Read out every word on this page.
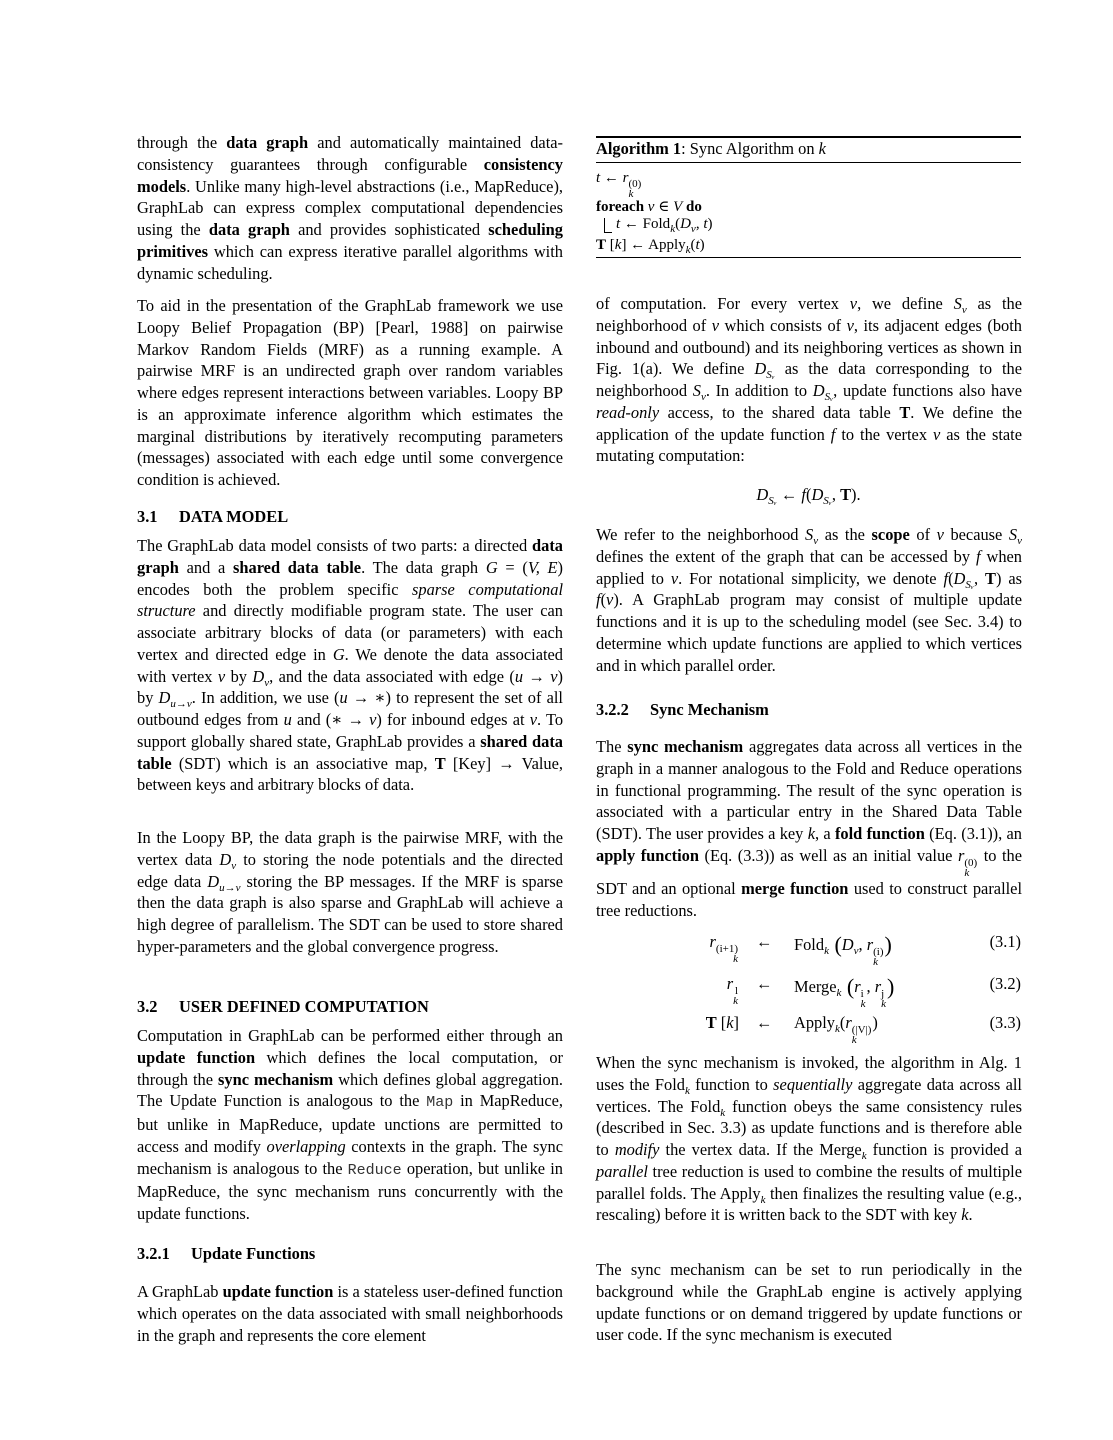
through the data graph and automatically maintained data-consistency guarantees through configurable consistency models. Unlike many high-level abstractions (i.e., MapReduce), GraphLab can express complex computational dependencies using the data graph and provides sophisticated scheduling primitives which can express iterative parallel algorithms with dynamic scheduling.

To aid in the presentation of the GraphLab framework we use Loopy Belief Propagation (BP) [Pearl, 1988] on pairwise Markov Random Fields (MRF) as a running example. A pairwise MRF is an undirected graph over random variables where edges represent interactions between variables. Loopy BP is an approximate inference algorithm which estimates the marginal distributions by iteratively recomputing parameters (messages) associated with each edge until some convergence condition is achieved.

3.1 DATA MODEL

The GraphLab data model consists of two parts: a directed data graph and a shared data table. The data graph G = (V, E) encodes both the problem specific sparse computational structure and directly modifiable program state. The user can associate arbitrary blocks of data (or parameters) with each vertex and directed edge in G. We denote the data associated with vertex v by $D_v$, and the data associated with edge (u → v) by $D_{u\to v}$. In addition, we use (u → ∗) to represent the set of all outbound edges from u and (∗ → v) for inbound edges at v. To support globally shared state, GraphLab provides a shared data table (SDT) which is an associative map, T [Key] → Value, between keys and arbitrary blocks of data.

In the Loopy BP, the data graph is the pairwise MRF, with the vertex data $D_v$ to storing the node potentials and the directed edge data $D_{u\to v}$ storing the BP messages. If the MRF is sparse then the data graph is also sparse and GraphLab will achieve a high degree of parallelism. The SDT can be used to store shared hyper-parameters and the global convergence progress.

3.2 USER DEFINED COMPUTATION

Computation in GraphLab can be performed either through an update function which defines the local computation, or through the sync mechanism which defines global aggregation. The Update Function is analogous to the Map in MapReduce, but unlike in MapReduce, update unctions are permitted to access and modify overlapping contexts in the graph. The sync mechanism is analogous to the Reduce operation, but unlike in MapReduce, the sync mechanism runs concurrently with the update functions.

3.2.1 Update Functions

A GraphLab update function is a stateless user-defined function which operates on the data associated with small neighborhoods in the graph and represents the core element

Algorithm 1: Sync Algorithm on k
t ← r (0)
k
foreach v ∈ V do
t ← $Fold_k(D_v$, t)
T [k] ← Apply$_k$(t)

of computation. For every vertex v, we define $S_v$ as the neighborhood of v which consists of v, its adjacent edges (both inbound and outbound) and its neighboring vertices as shown in Fig. 1(a). We define $D_{Sᵥ}$ as the data corresponding to the neighborhood $S_v$. In addition to $D_{Sᵥ}$, update functions also have read-only access, to the shared data table T. We define the application of the update function f to the vertex v as the state mutating computation:

$D_{Sᵥ}$ ← $f(D_{Sᵥ}$, T).

We refer to the neighborhood $S_v$ as the scope of v because $S_v$ defines the extent of the graph that can be accessed by f when applied to v. For notational simplicity, we denote $f(D_{Sᵥ}$, T) as f(v). A GraphLab program may consist of multiple update functions and it is up to the scheduling model (see Sec. 3.4) to determine which update functions are applied to which vertices and in which parallel order.

3.2.2 Sync Mechanism

The sync mechanism aggregates data across all vertices in the graph in a manner analogous to the Fold and Reduce operations in functional programming. The result of the sync operation is associated with a particular entry in the Shared Data Table (SDT). The user provides a key k, a fold function (Eq. (3.1)), an apply function (Eq. (3.3)) as well as an initial value r (0)
k
to the SDT and an optional merge function used to construct parallel tree reductions.

r (i+1)
k
← Fold$_k$ ($D_v$, r (i)
k
)	(3.1)
r l
k
← Merge$_k$ (r i
k
, r j
k
)	(3.2)
T [k] ← Apply$_k$(r (|V|)
k
)	(3.3)

When the sync mechanism is invoked, the algorithm in Alg. 1 uses the Fold$_k$ function to sequentially aggregate data across all vertices. The Fold$_k$ function obeys the same consistency rules (described in Sec. 3.3) as update functions and is therefore able to modify the vertex data. If the Merge$_k$ function is provided a parallel tree reduction is used to combine the results of multiple parallel folds. The Apply$_k$ then finalizes the resulting value (e.g., rescaling) before it is written back to the SDT with key k.

The sync mechanism can be set to run periodically in the background while the GraphLab engine is actively applying update functions or on demand triggered by update functions or user code. If the sync mechanism is executed
